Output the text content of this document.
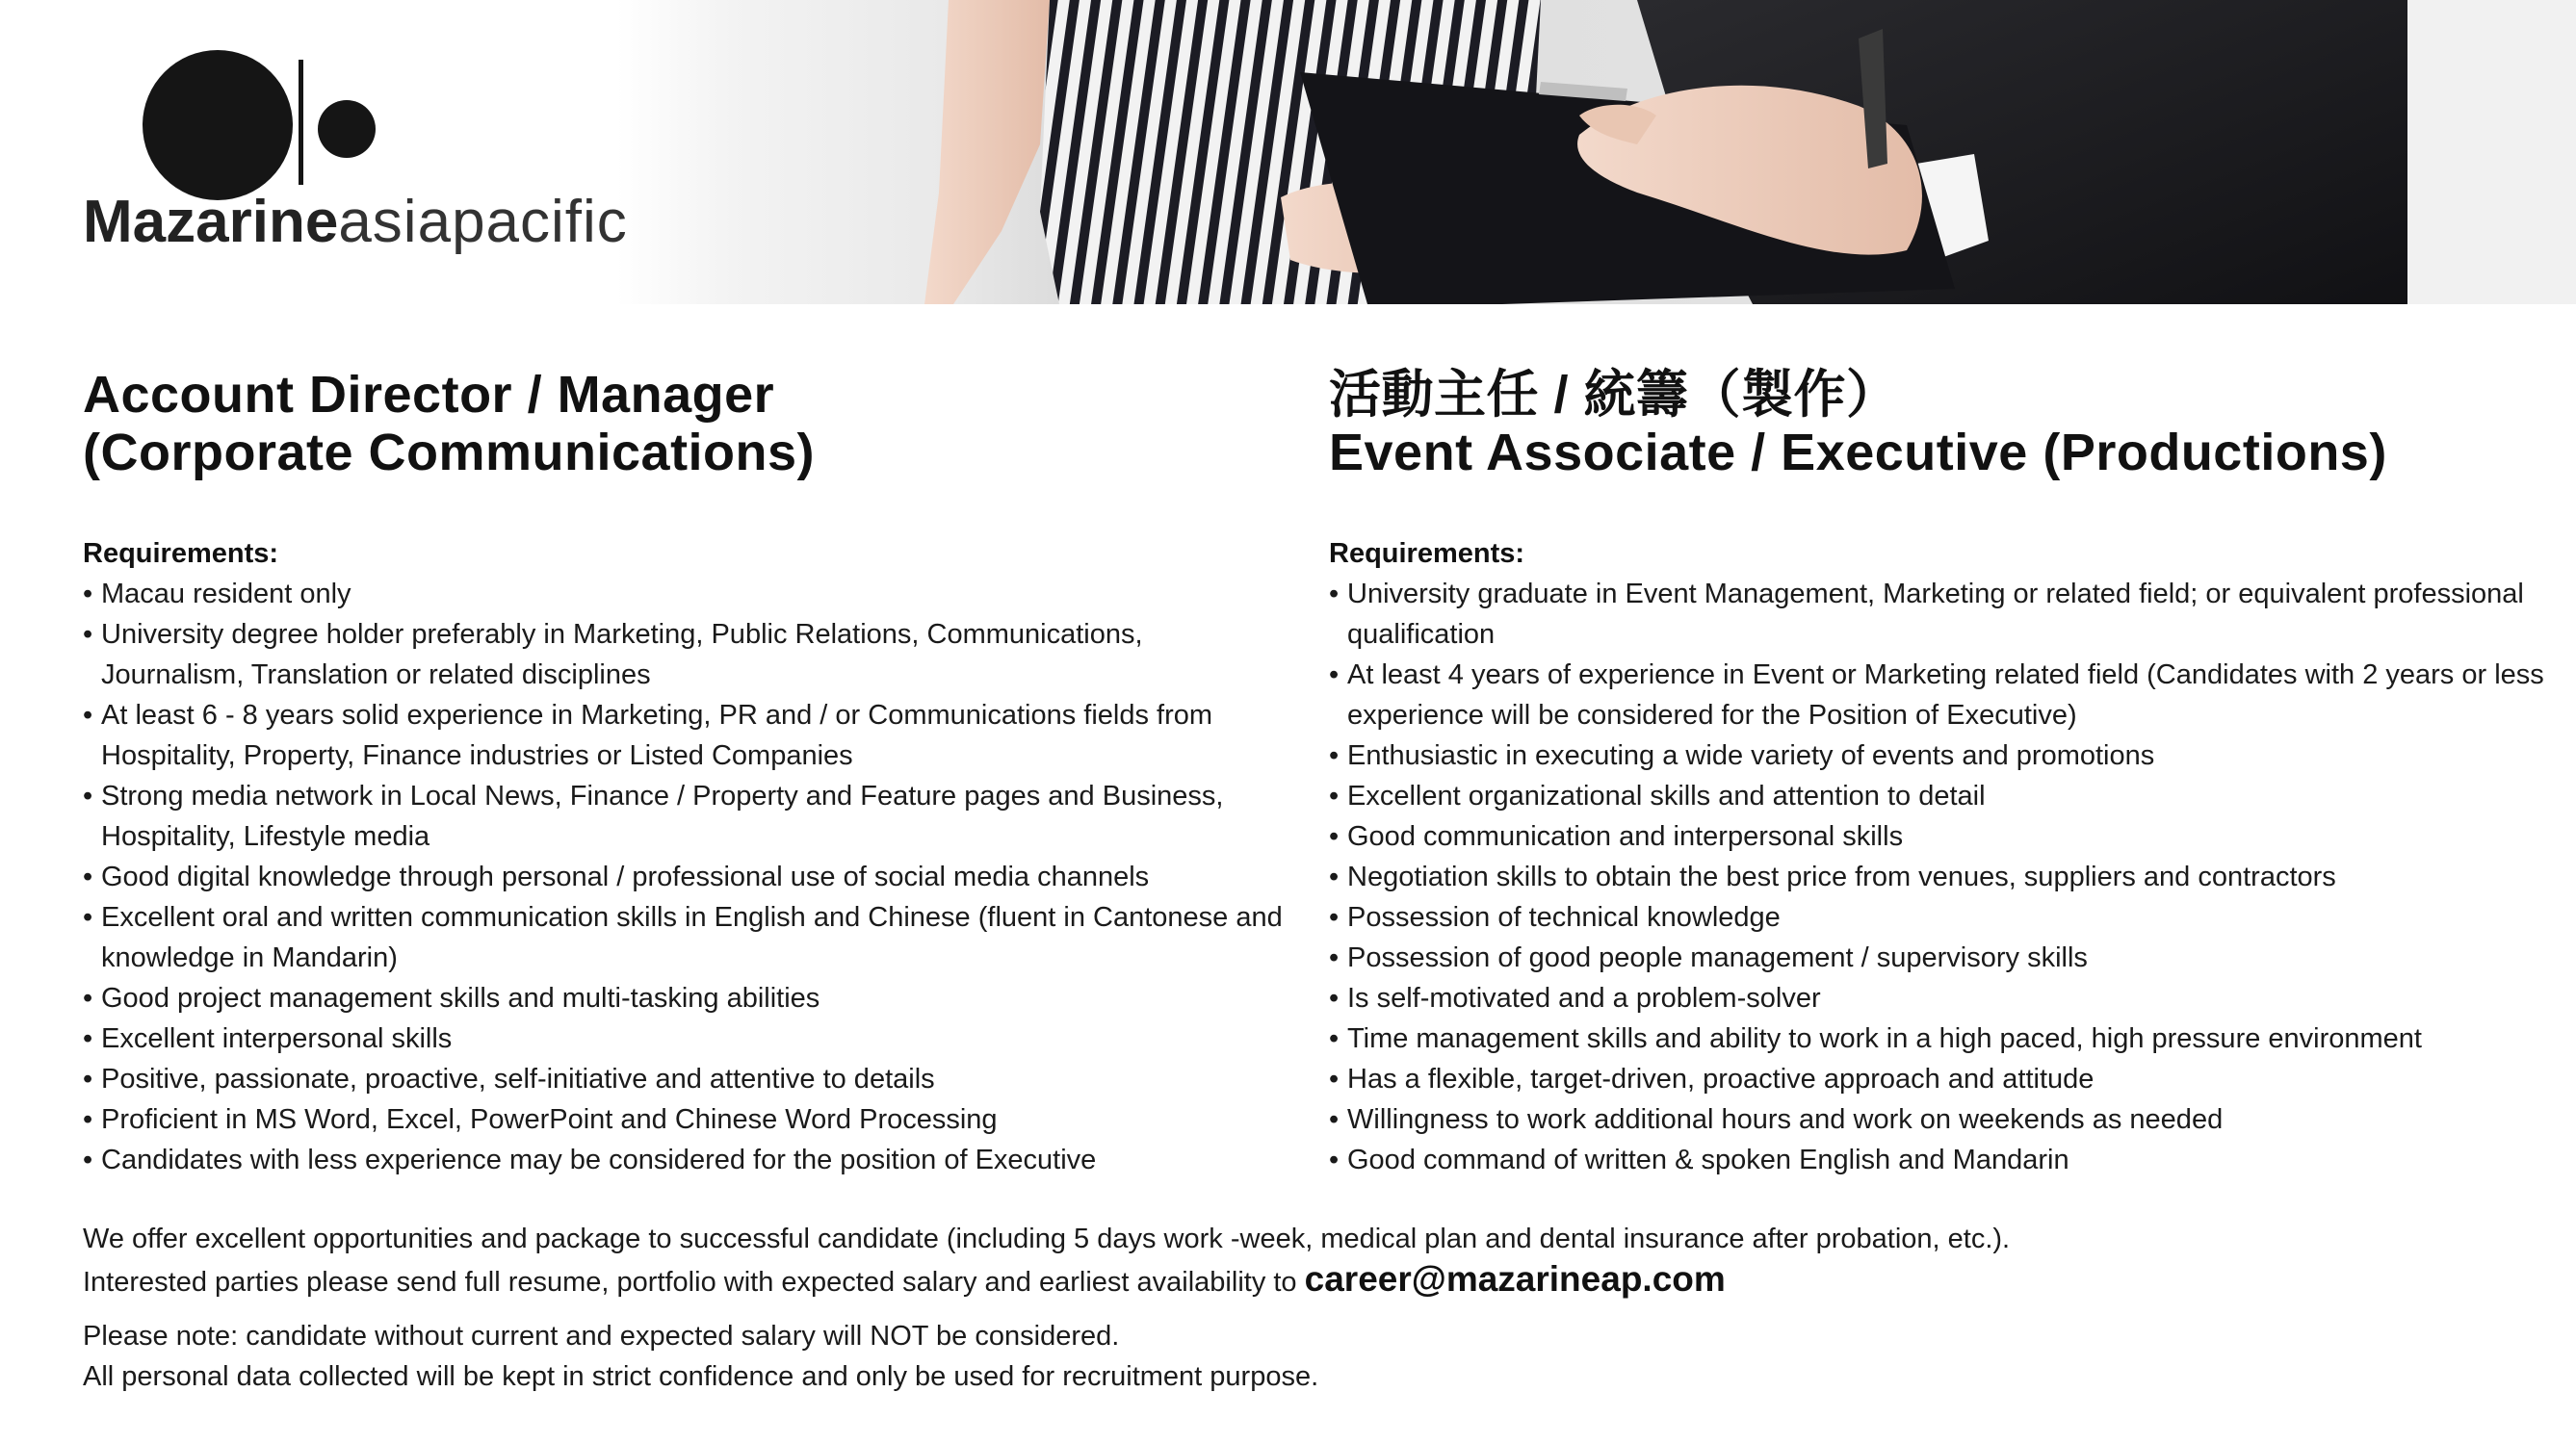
Mazarineasiapacific
Account Director / Manager
(Corporate Communications)

Requirements:

• Macau resident only
• University degree holder preferably in Marketing, Public Relations, Communications, Journalism, Translation or related disciplines
• At least 6 - 8 years solid experience in Marketing, PR and / or Communications fields from Hospitality, Property, Finance industries or Listed Companies
• Strong media network in Local News, Finance / Property and Feature pages and Business, Hospitality, Lifestyle media
• Good digital knowledge through personal / professional use of social media channels
• Excellent oral and written communication skills in English and Chinese (fluent in Cantonese and knowledge in Mandarin)
• Good project management skills and multi-tasking abilities
• Excellent interpersonal skills
• Positive, passionate, proactive, self-initiative and attentive to details
• Proficient in MS Word, Excel, PowerPoint and Chinese Word Processing
• Candidates with less experience may be considered for the position of Executive
活動主任 / 統籌（製作）
Event Associate / Executive (Productions)

Requirements:

• University graduate in Event Management, Marketing or related field; or equivalent professional qualification
• At least 4 years of experience in Event or Marketing related field (Candidates with 2 years or less experience will be considered for the Position of Executive)
• Enthusiastic in executing a wide variety of events and promotions
• Excellent organizational skills and attention to detail
• Good communication and interpersonal skills
• Negotiation skills to obtain the best price from venues, suppliers and contractors
• Possession of technical knowledge
• Possession of good people management / supervisory skills
• Is self-motivated and a problem-solver
• Time management skills and ability to work in a high paced, high pressure environment
• Has a flexible, target-driven, proactive approach and attitude
• Willingness to work additional hours and work on weekends as needed
• Good command of written & spoken English and Mandarin

We offer excellent opportunities and package to successful candidate (including 5 days work -week, medical plan and dental insurance after probation, etc.).

Interested parties please send full resume, portfolio with expected salary and earliest availability to career@mazarineap.com

Please note: candidate without current and expected salary will NOT be considered.

All personal data collected will be kept in strict confidence and only be used for recruitment purpose.
